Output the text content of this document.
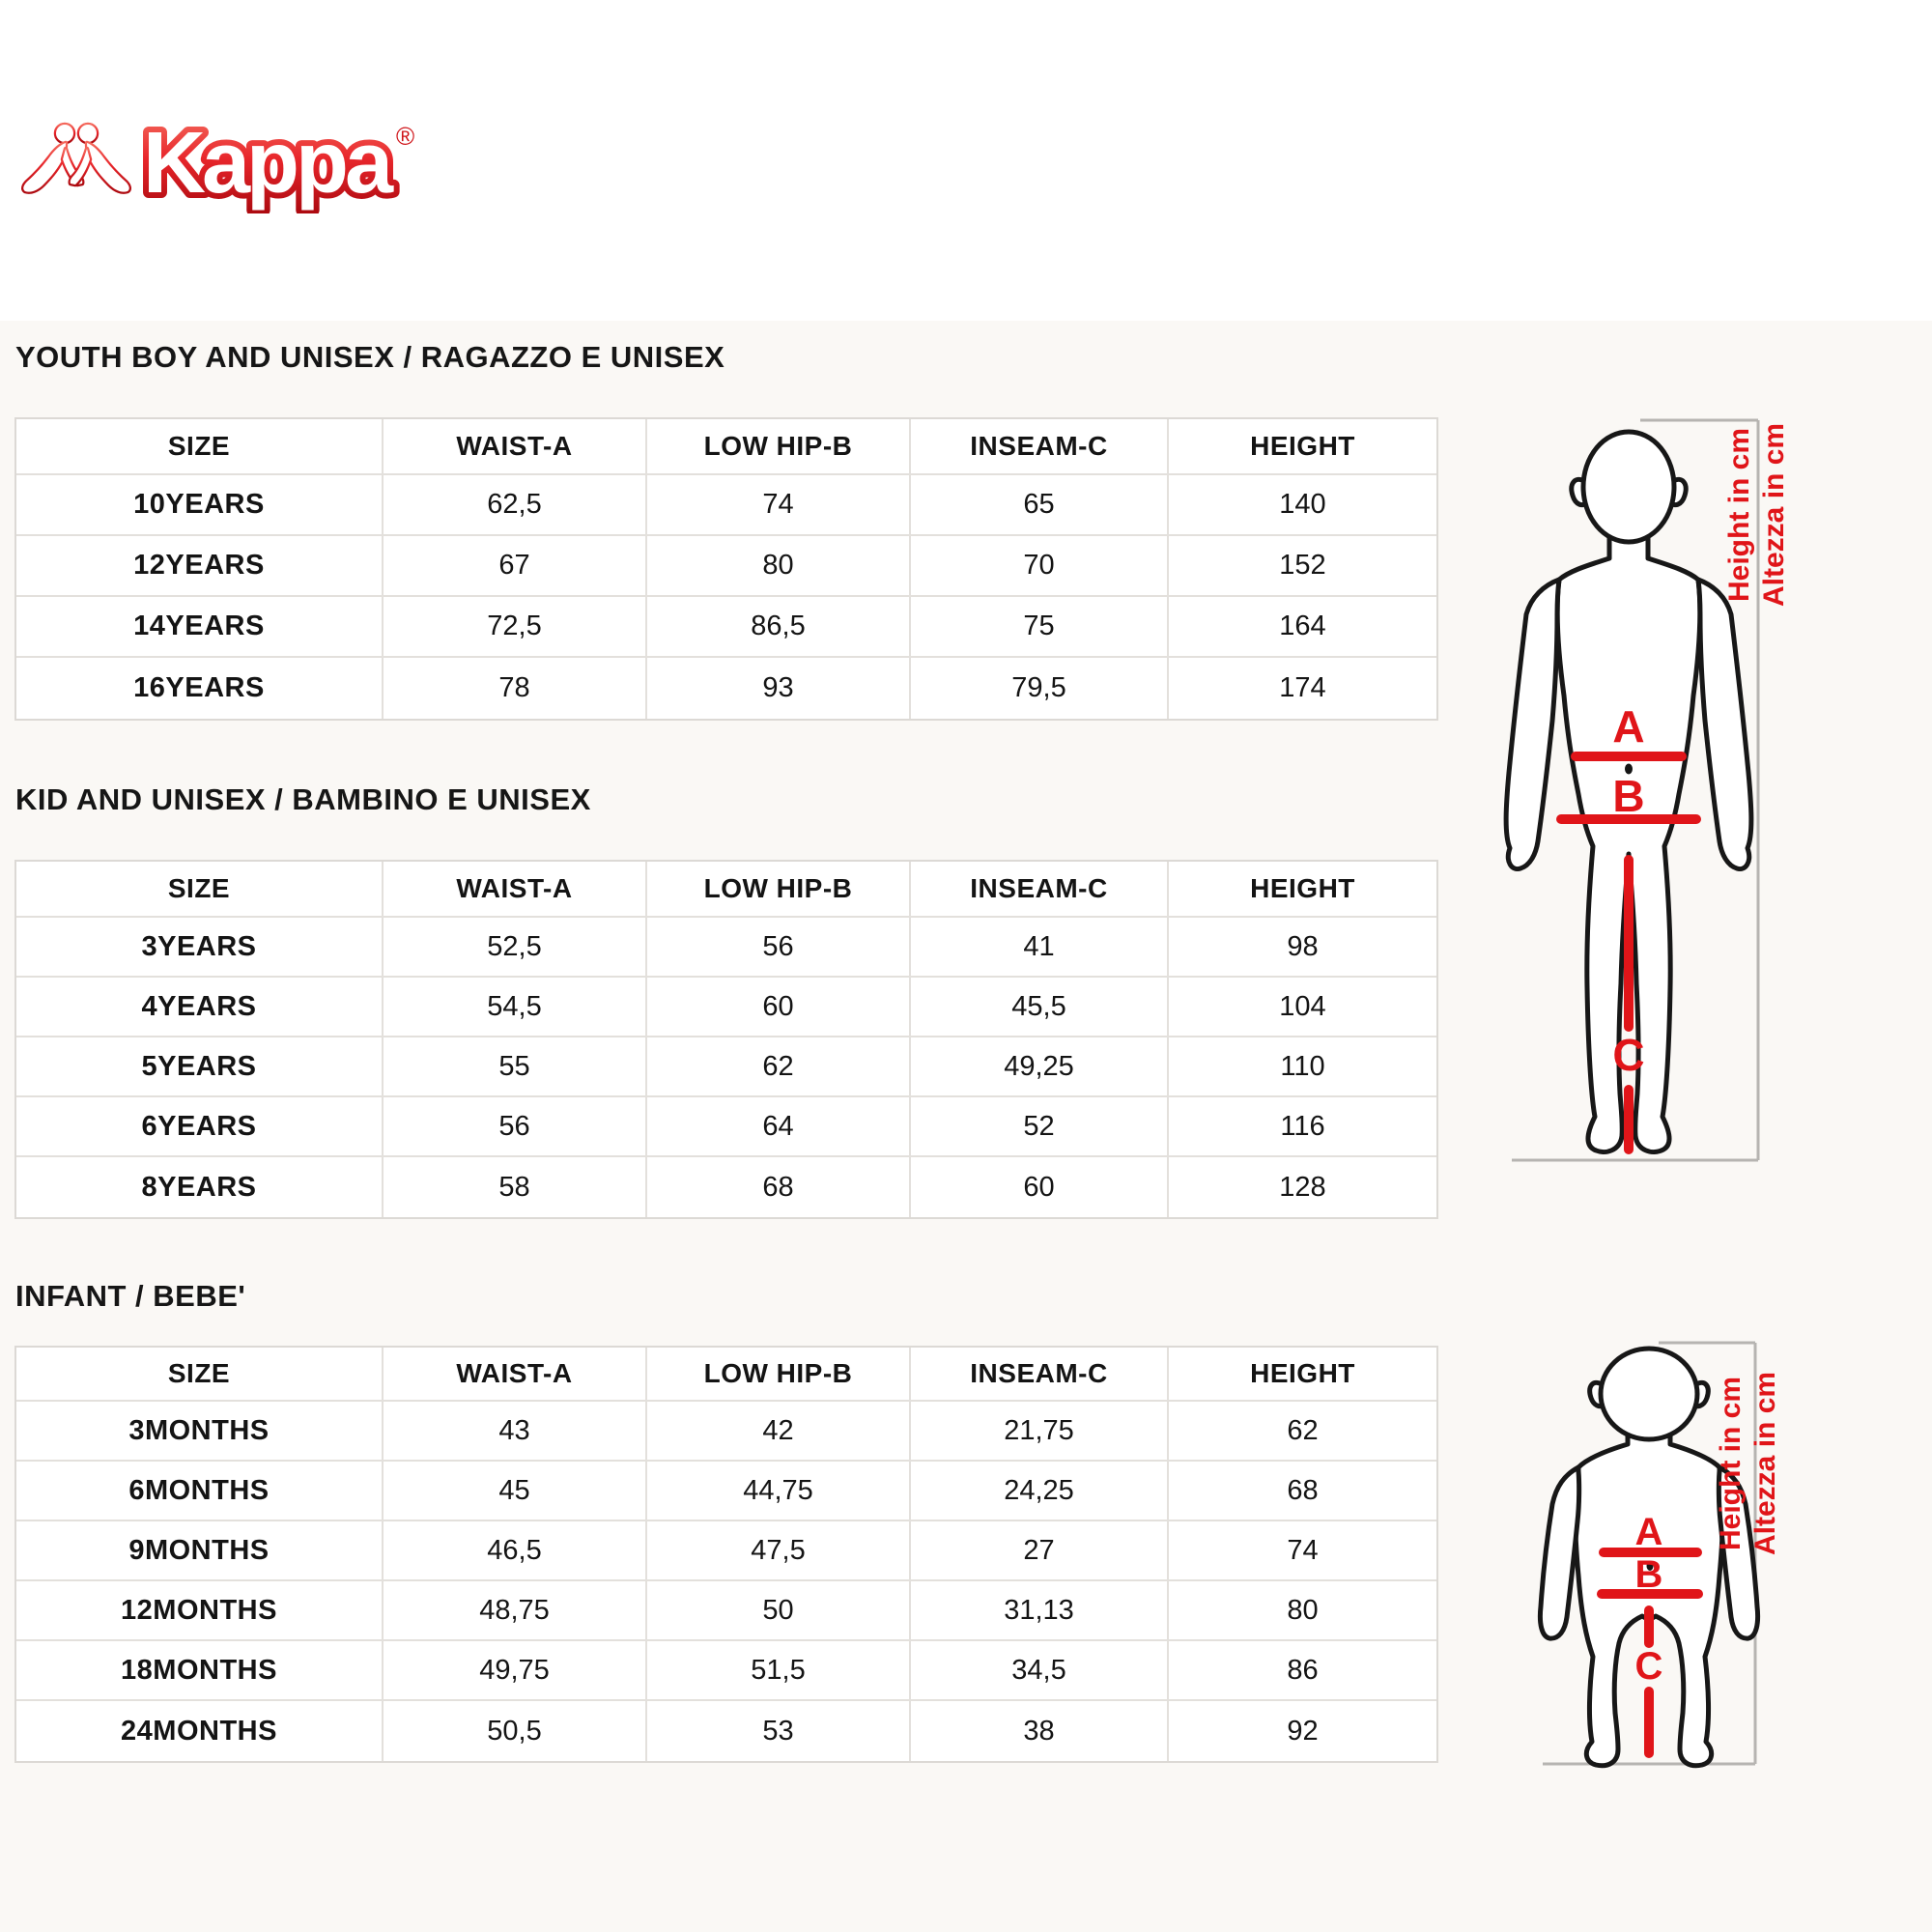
Kappa ®
YOUTH BOY AND UNISEX / RAGAZZO E UNISEX
KID AND UNISEX / BAMBINO E UNISEX
INFANT / BEBE'
SIZE	WAIST-A	LOW HIP-B	INSEAM-C	HEIGHT
10YEARS	62,5	74	65	140
12YEARS	67	80	70	152
14YEARS	72,5	86,5	75	164
16YEARS	78	93	79,5	174
SIZE	WAIST-A	LOW HIP-B	INSEAM-C	HEIGHT
3YEARS	52,5	56	41	98
4YEARS	54,5	60	45,5	104
5YEARS	55	62	49,25	110
6YEARS	56	64	52	116
8YEARS	58	68	60	128
SIZE	WAIST-A	LOW HIP-B	INSEAM-C	HEIGHT
3MONTHS	43	42	21,75	62
6MONTHS	45	44,75	24,25	68
9MONTHS	46,5	47,5	27	74
12MONTHS	48,75	50	31,13	80
18MONTHS	49,75	51,5	34,5	86
24MONTHS	50,5	53	38	92
A
B
C
Height in cm Altezza in cm
A
B
C
Height in cm Altezza in cm
